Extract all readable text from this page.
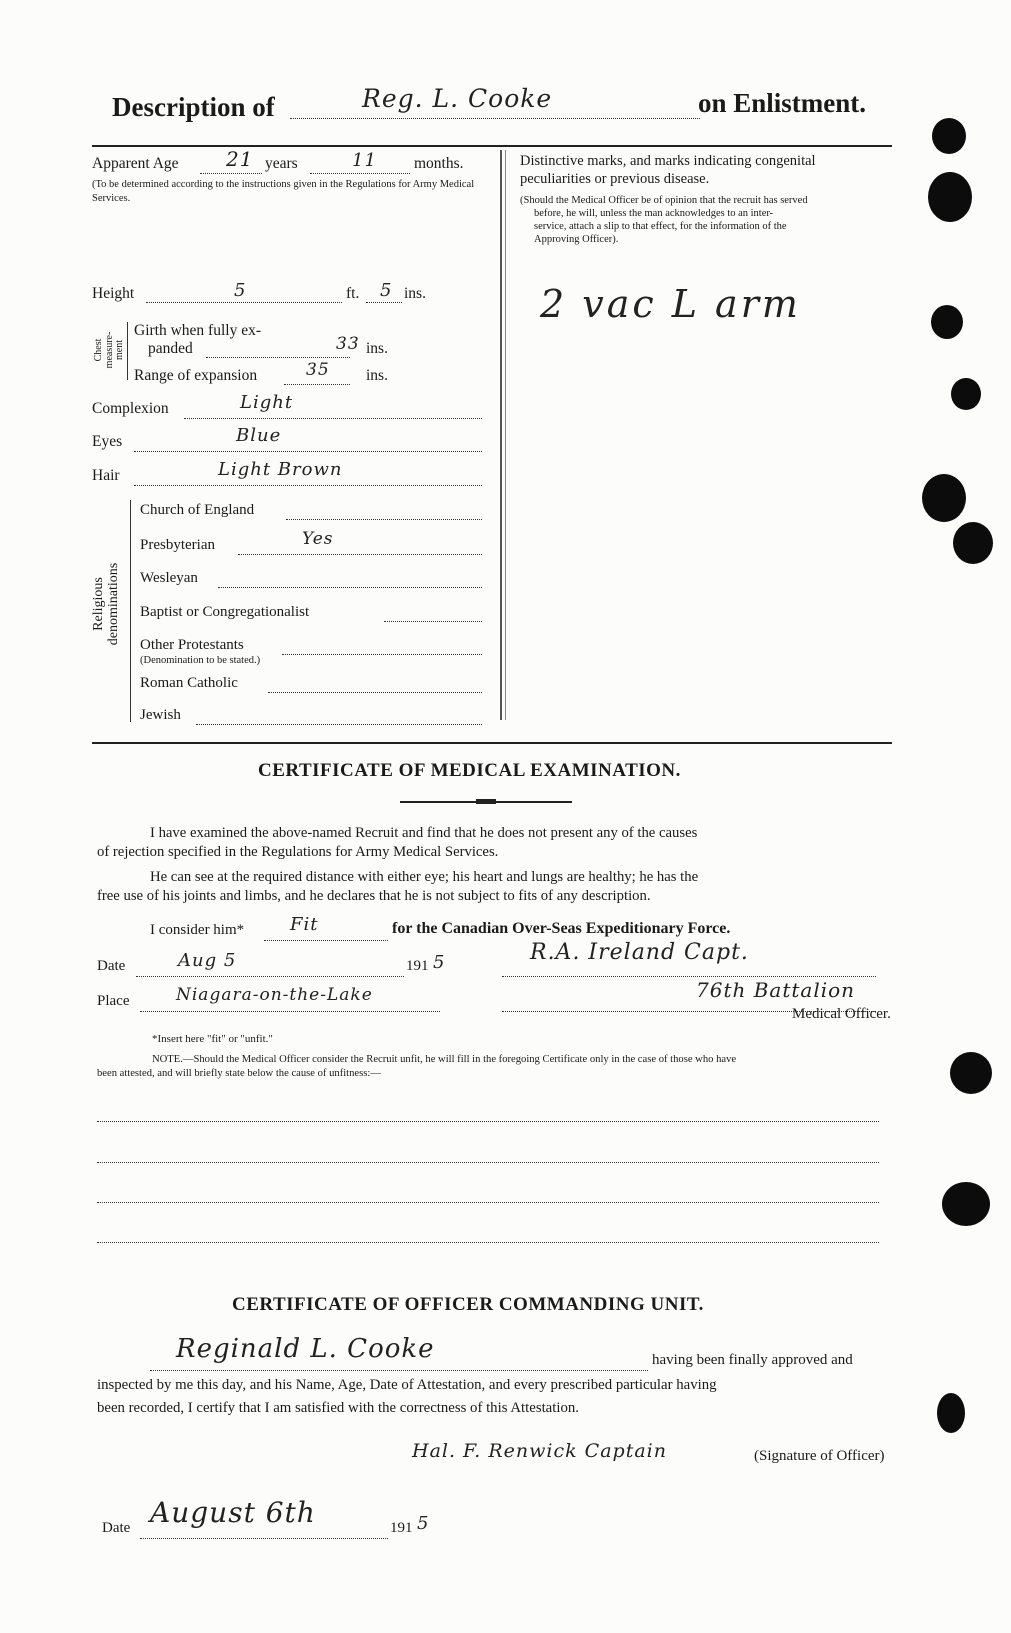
Description of	Reg. L. Cooke	on Enlistment.
Apparent Age 21 years	11 months.
(To be determined according to the instructions given in the Regulations for Army Medical Services.
Height	5	ft. 5 ins.
Chest measure-ment
Girth when fully ex-
panded	33 ins.
Range of expansion	35 ins.
Complexion	Light
Eyes	Blue
Hair	Light Brown
Religious denominations
Church of England
Presbyterian	Yes
Wesleyan
Baptist or Congregationalist
Other Protestants
(Denomination to be stated.)
Roman Catholic
Jewish
Distinctive marks, and marks indicating congenital
peculiarities or previous disease.
(Should the Medical Officer be of opinion that the recruit has served
before, he will, unless the man acknowledges to an inter-
service, attach a slip to that effect, for the information of the
Approving Officer).
2 vac L arm
CERTIFICATE OF MEDICAL EXAMINATION.
I have examined the above-named Recruit and find that he does not present any of the causes
of rejection specified in the Regulations for Army Medical Services.
He can see at the required distance with either eye; his heart and lungs are healthy; he has the
free use of his joints and limbs, and he declares that he is not subject to fits of any description.
I consider him*	Fit	for the Canadian Over-Seas Expeditionary Force.
Date	Aug 5	191 5	R.A. Ireland Capt.
Place	Niagara-on-the-Lake	76th Battalion
Medical Officer.
*Insert here "fit" or "unfit."
NOTE.—Should the Medical Officer consider the Recruit unfit, he will fill in the foregoing Certificate only in the case of those who have
been attested, and will briefly state below the cause of unfitness:—
CERTIFICATE OF OFFICER COMMANDING UNIT.
Reginald L. Cooke	having been finally approved and
inspected by me this day, and his Name, Age, Date of Attestation, and every prescribed particular having
been recorded, I certify that I am satisfied with the correctness of this Attestation.
Hal. F. Renwick Captain	(Signature of Officer)
Date August 6th	191 5
